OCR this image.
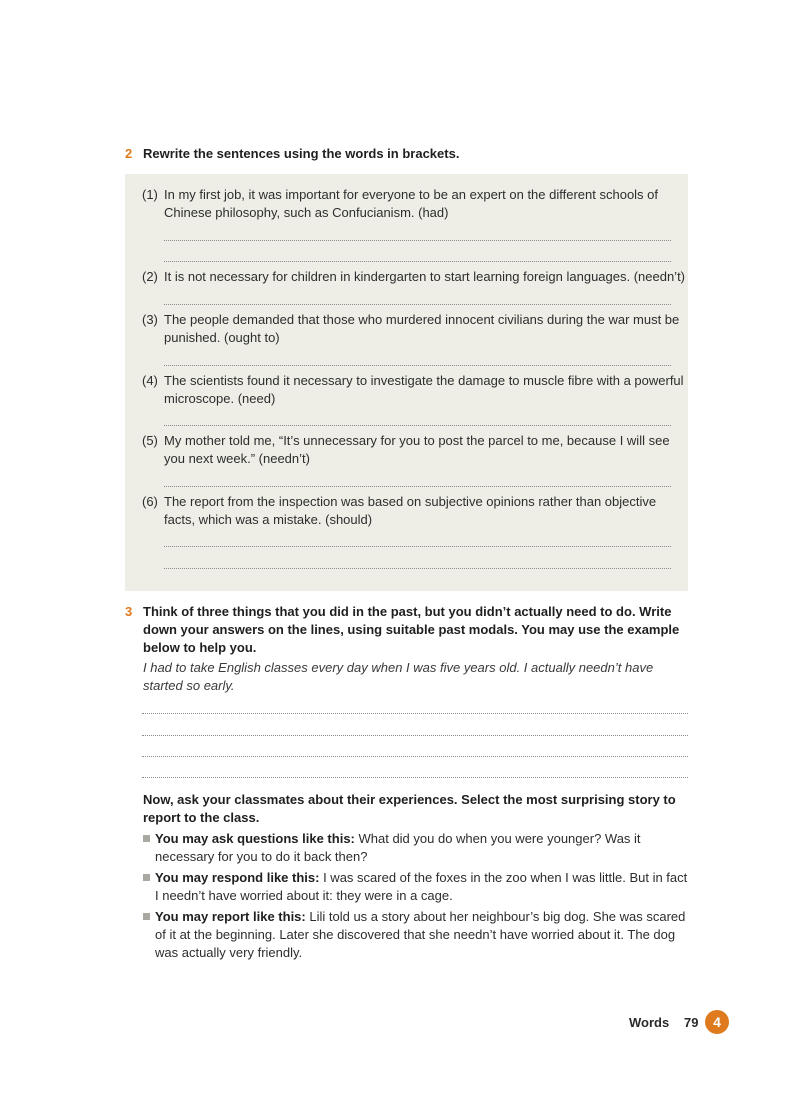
2 Rewrite the sentences using the words in brackets.
(1) In my first job, it was important for everyone to be an expert on the different schools of Chinese philosophy, such as Confucianism. (had)
(2) It is not necessary for children in kindergarten to start learning foreign languages. (needn’t)
(3) The people demanded that those who murdered innocent civilians during the war must be punished. (ought to)
(4) The scientists found it necessary to investigate the damage to muscle fibre with a powerful microscope. (need)
(5) My mother told me, “It’s unnecessary for you to post the parcel to me, because I will see you next week.” (needn’t)
(6) The report from the inspection was based on subjective opinions rather than objective facts, which was a mistake. (should)
3 Think of three things that you did in the past, but you didn’t actually need to do. Write down your answers on the lines, using suitable past modals. You may use the example below to help you.
I had to take English classes every day when I was five years old. I actually needn’t have started so early.
Now, ask your classmates about their experiences. Select the most surprising story to report to the class.
You may ask questions like this: What did you do when you were younger? Was it necessary for you to do it back then?
You may respond like this: I was scared of the foxes in the zoo when I was little. But in fact I needn’t have worried about it: they were in a cage.
You may report like this: Lili told us a story about her neighbour’s big dog. She was scared of it at the beginning. Later she discovered that she needn’t have worried about it. The dog was actually very friendly.
Words 79	4
